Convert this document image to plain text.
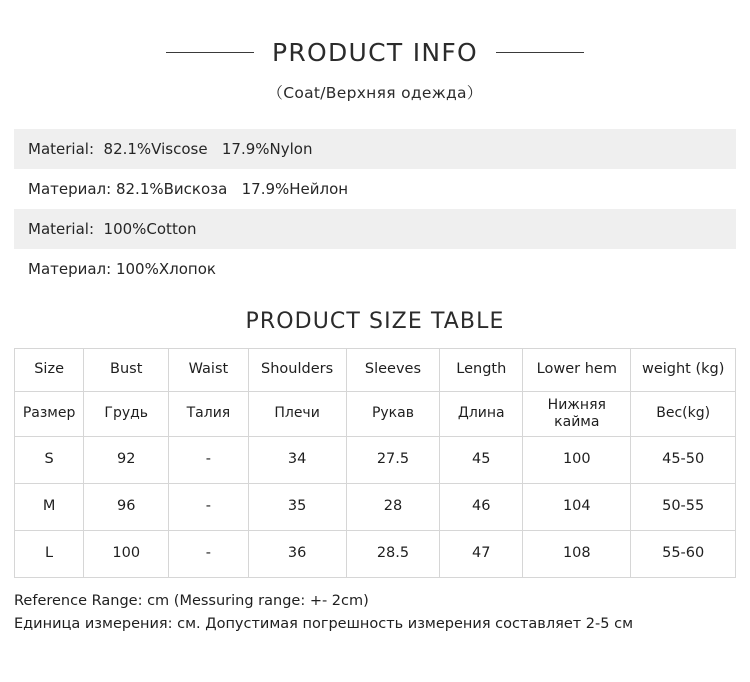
PRODUCT INFO
（Coat/Верхняя одежда）
Material:  82.1%Viscose   17.9%Nylon
Материал: 82.1%Вискоза   17.9%Нейлон
Material:  100%Cotton
Материал: 100%Хлопок
PRODUCT SIZE TABLE
Size	Bust	Waist	Shoulders	Sleeves	Length	Lower hem	weight (kg)
Размер	Грудь	Талия	Плечи	Рукав	Длина	Нижняя кайма	Вес(kg)
S	92	-	34	27.5	45	100	45-50
M	96	-	35	28	46	104	50-55
L	100	-	36	28.5	47	108	55-60
Reference Range: cm (Messuring range: +- 2cm)
Единица измерения: см. Допустимая погрешность измерения составляет 2-5 см
